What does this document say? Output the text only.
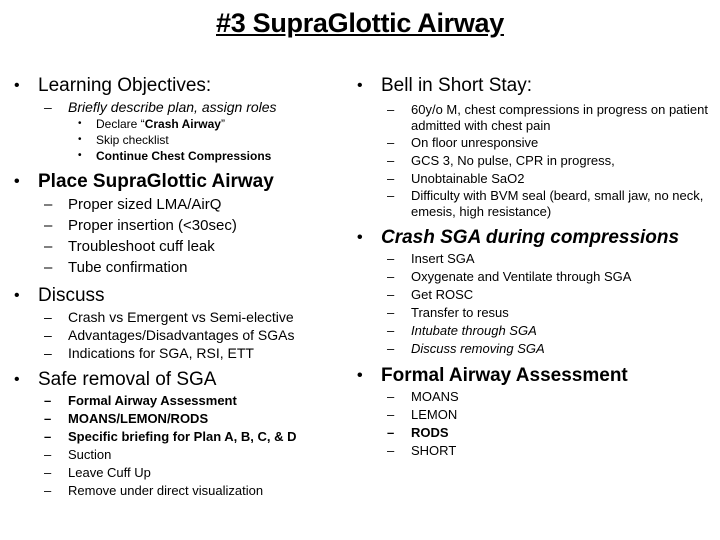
#3 SupraGlottic Airway
• Learning Objectives:
– Briefly describe plan, assign roles
• Declare “Crash Airway”
• Skip checklist
• Continue Chest Compressions
• Place SupraGlottic Airway
– Proper sized LMA/AirQ
– Proper insertion (<30sec)
– Troubleshoot cuff leak
– Tube confirmation
• Discuss
– Crash vs Emergent vs Semi-elective
– Advantages/Disadvantages of SGAs
– Indications for SGA, RSI, ETT
• Safe removal of SGA
– Formal Airway Assessment
– MOANS/LEMON/RODS
– Specific briefing for Plan A, B, C, & D
– Suction
– Leave Cuff Up
– Remove under direct visualization
• Bell in Short Stay:
– 60y/o M, chest compressions in progress on patient admitted with chest pain
– On floor unresponsive
– GCS 3, No pulse, CPR in progress,
– Unobtainable SaO2
– Difficulty with BVM seal (beard, small jaw, no neck, emesis, high resistance)
• Crash SGA during compressions
– Insert SGA
– Oxygenate and Ventilate through SGA
– Get ROSC
– Transfer to resus
– Intubate through SGA
– Discuss removing SGA
• Formal Airway Assessment
– MOANS
– LEMON
– RODS
– SHORT
